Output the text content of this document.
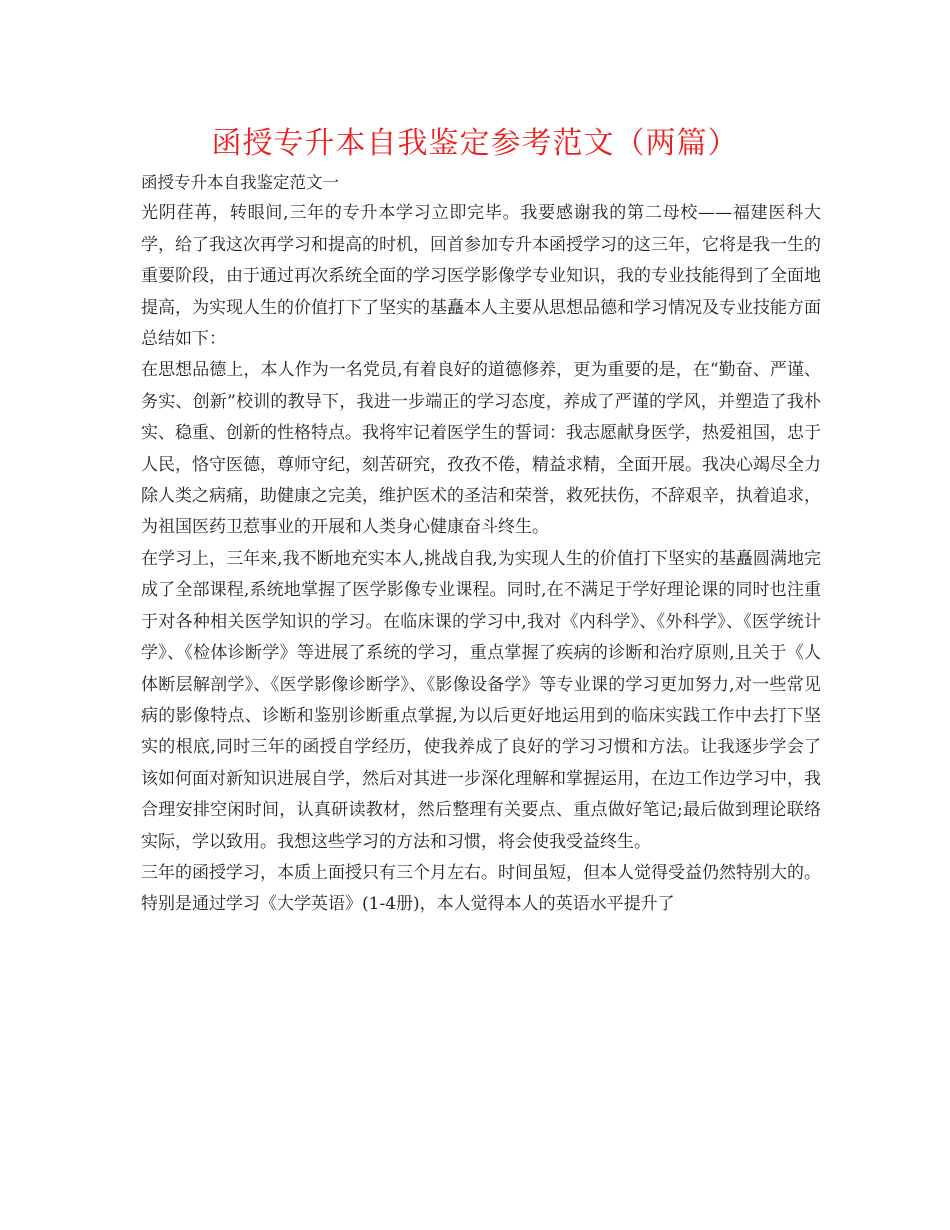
函授专升本自我鉴定参考范文（两篇）

函授专升本自我鉴定范文一

光阴荏苒，转眼间,三年的专升本学习立即完毕。我要感谢我的第二母校——福建医科大学，给了我这次再学习和提高的时机，回首参加专升本函授学习的这三年，它将是我一生的重要阶段，由于通过再次系统全面的学习医学影像学专业知识，我的专业技能得到了全面地提高，为实现人生的价值打下了坚实的基矗本人主要从思想品德和学习情况及专业技能方面总结如下：

在思想品德上，本人作为一名党员,有着良好的道德修养，更为重要的是，在“勤奋、严谨、务实、创新”校训的教导下，我进一步端正的学习态度，养成了严谨的学风，并塑造了我朴实、稳重、创新的性格特点。我将牢记着医学生的誓词：我志愿献身医学，热爱祖国，忠于人民，恪守医德，尊师守纪，刻苦研究，孜孜不倦，精益求精，全面开展。我决心竭尽全力除人类之病痛，助健康之完美，维护医术的圣洁和荣誉，救死扶伤，不辞艰辛，执着追求，为祖国医药卫惹事业的开展和人类身心健康奋斗终生。

在学习上，三年来,我不断地充实本人,挑战自我,为实现人生的价值打下坚实的基矗圆满地完成了全部课程,系统地掌握了医学影像专业课程。同时,在不满足于学好理论课的同时也注重于对各种相关医学知识的学习。在临床课的学习中,我对《内科学》、《外科学》、《医学统计学》、《检体诊断学》等进展了系统的学习，重点掌握了疾病的诊断和治疗原则,且关于《人体断层解剖学》、《医学影像诊断学》、《影像设备学》等专业课的学习更加努力,对一些常见病的影像特点、诊断和鉴别诊断重点掌握,为以后更好地运用到的临床实践工作中去打下坚实的根底,同时三年的函授自学经历，使我养成了良好的学习习惯和方法。让我逐步学会了该如何面对新知识进展自学，然后对其进一步深化理解和掌握运用，在边工作边学习中，我合理安排空闲时间，认真研读教材，然后整理有关要点、重点做好笔记;最后做到理论联络实际，学以致用。我想这些学习的方法和习惯，将会使我受益终生。

三年的函授学习，本质上面授只有三个月左右。时间虽短，但本人觉得受益仍然特别大的。特别是通过学习《大学英语》(1-4册)，本人觉得本人的英语水平提升了
